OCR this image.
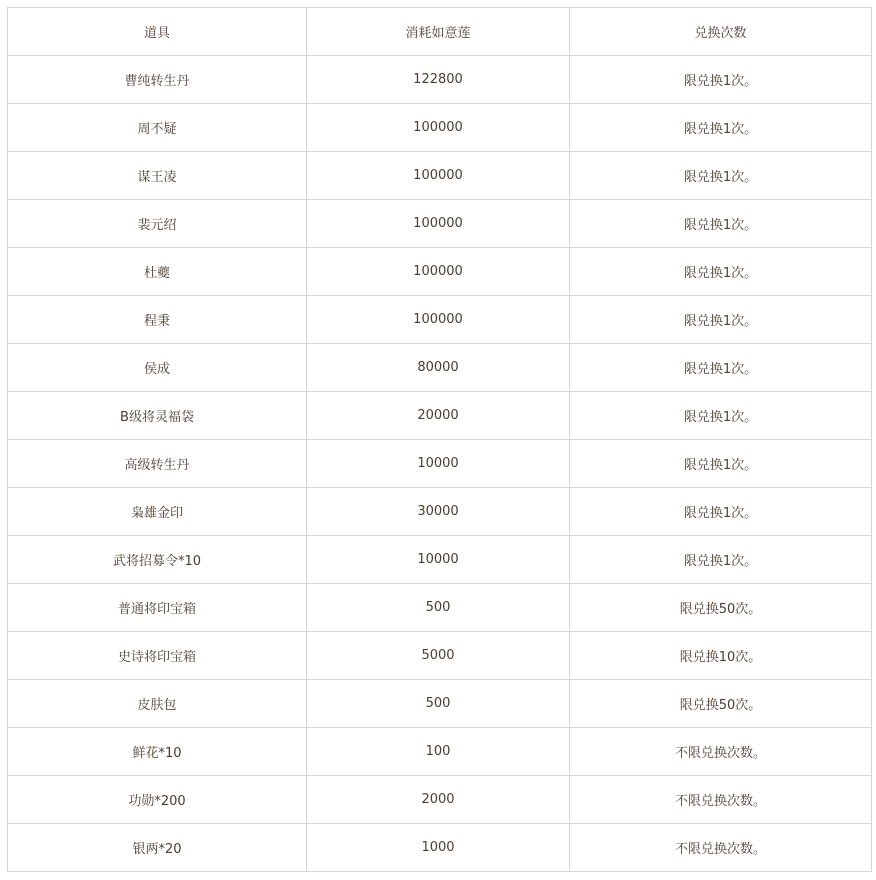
道具	消耗如意莲	兑换次数
曹纯转生丹	122800	限兑换1次。
周不疑	100000	限兑换1次。
谋王凌	100000	限兑换1次。
裴元绍	100000	限兑换1次。
杜夔	100000	限兑换1次。
程秉	100000	限兑换1次。
侯成	80000	限兑换1次。
B级将灵福袋	20000	限兑换1次。
高级转生丹	10000	限兑换1次。
枭雄金印	30000	限兑换1次。
武将招募令*10	10000	限兑换1次。
普通将印宝箱	500	限兑换50次。
史诗将印宝箱	5000	限兑换10次。
皮肤包	500	限兑换50次。
鲜花*10	100	不限兑换次数。
功勋*200	2000	不限兑换次数。
银两*20	1000	不限兑换次数。
